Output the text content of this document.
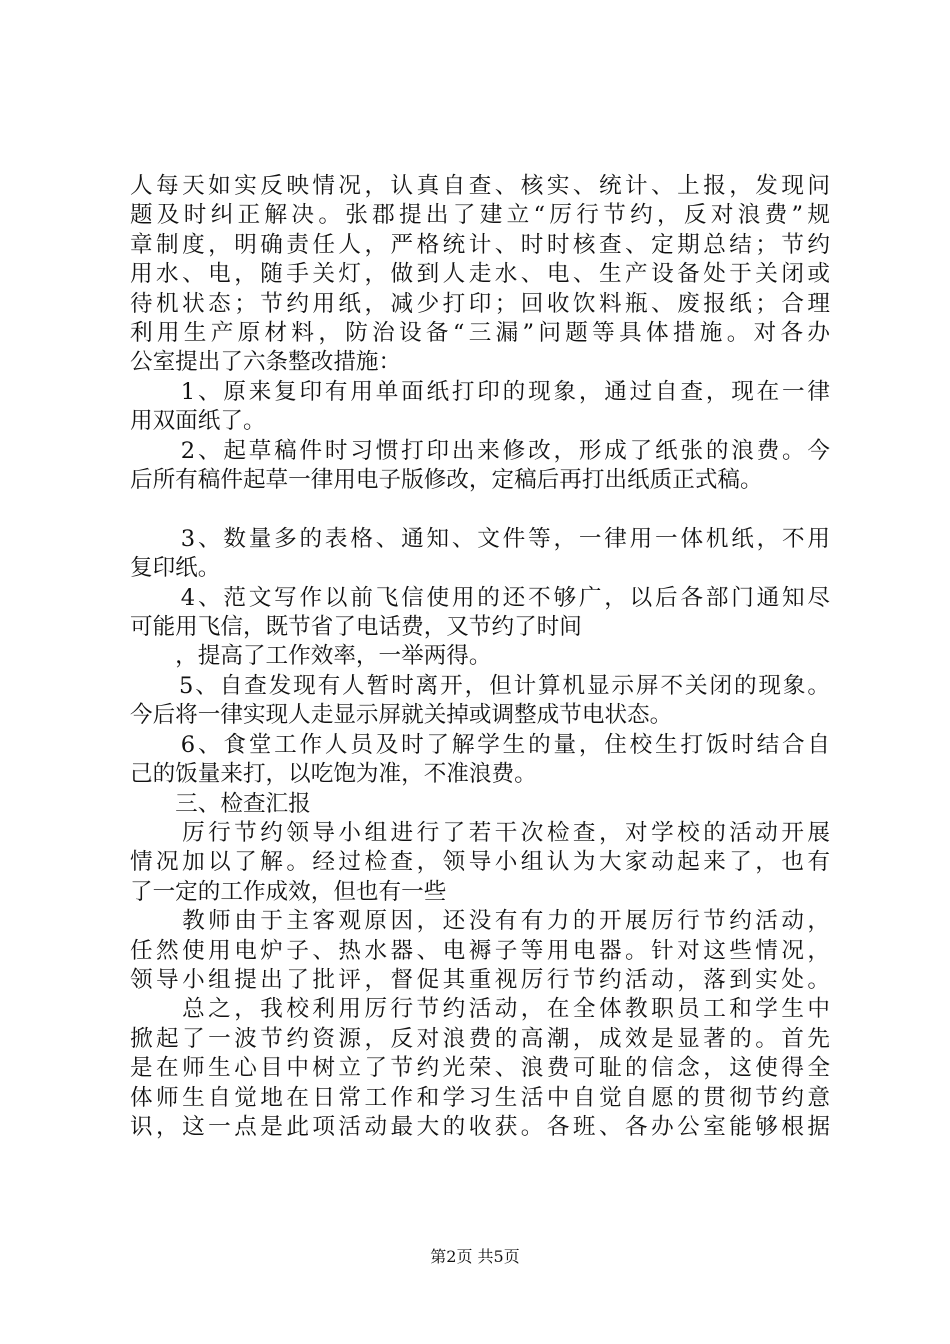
人每天如实反映情况，认真自查、核实、统计、上报，发现问
题及时纠正解决。张郡提出了建立“厉行节约，反对浪费”规
章制度，明确责任人，严格统计、时时核查、定期总结；节约
用水、电，随手关灯，做到人走水、电、生产设备处于关闭或
待机状态；节约用纸，减少打印；回收饮料瓶、废报纸；合理
利用生产原材料，防治设备“三漏”问题等具体措施。对各办
公室提出了六条整改措施：
　　1、原来复印有用单面纸打印的现象，通过自查，现在一律
用双面纸了。
　　2、起草稿件时习惯打印出来修改，形成了纸张的浪费。今
后所有稿件起草一律用电子版修改，定稿后再打出纸质正式稿。
　　3、数量多的表格、通知、文件等，一律用一体机纸，不用
复印纸。
　　4、范文写作以前飞信使用的还不够广，以后各部门通知尽
可能用飞信，既节省了电话费，又节约了时间
　　，提高了工作效率，一举两得。
　　5、自查发现有人暂时离开，但计算机显示屏不关闭的现象。
今后将一律实现人走显示屏就关掉或调整成节电状态。
　　6、食堂工作人员及时了解学生的量，住校生打饭时结合自
己的饭量来打，以吃饱为准，不准浪费。
　　三、检查汇报
　　厉行节约领导小组进行了若干次检查，对学校的活动开展
情况加以了解。经过检查，领导小组认为大家动起来了，也有
了一定的工作成效，但也有一些
　　教师由于主客观原因，还没有有力的开展厉行节约活动，
任然使用电炉子、热水器、电褥子等用电器。针对这些情况，
领导小组提出了批评，督促其重视厉行节约活动，落到实处。
　　总之，我校利用厉行节约活动，在全体教职员工和学生中
掀起了一波节约资源，反对浪费的高潮，成效是显著的。首先
是在师生心目中树立了节约光荣、浪费可耻的信念，这使得全
体师生自觉地在日常工作和学习生活中自觉自愿的贯彻节约意
识，这一点是此项活动最大的收获。各班、各办公室能够根据
第2页 共5页
